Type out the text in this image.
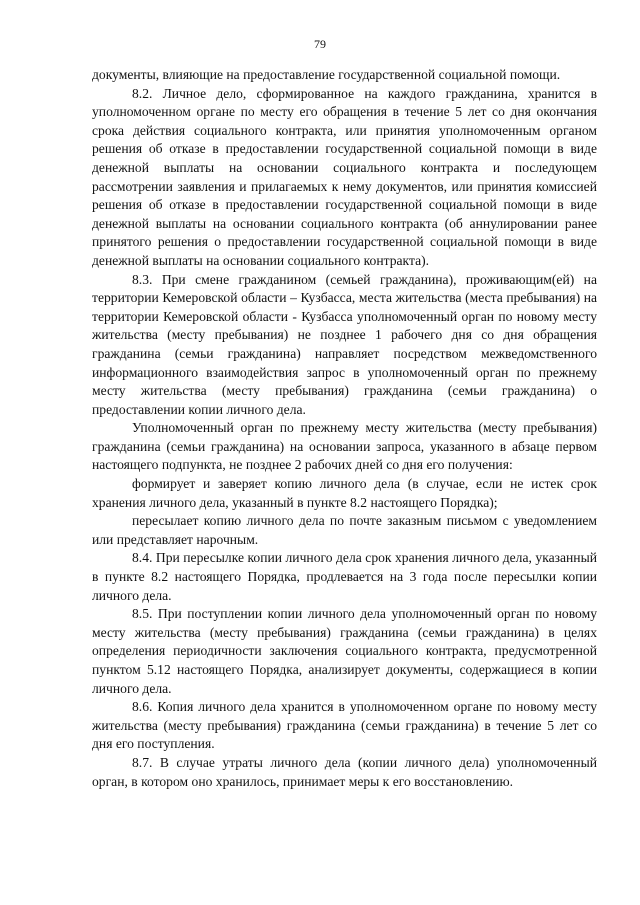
79

документы, влияющие на предоставление государственной социальной помощи.

8.2. Личное дело, сформированное на каждого гражданина, хранится в уполномоченном органе по месту его обращения в течение 5 лет со дня окончания срока действия социального контракта, или принятия уполномоченным органом решения об отказе в предоставлении государственной социальной помощи в виде денежной выплаты на основании социального контракта и последующем рассмотрении заявления и прилагаемых к нему документов, или принятия комиссией решения об отказе в предоставлении государственной социальной помощи в виде денежной выплаты на основании социального контракта (об аннулировании ранее принятого решения о предоставлении государственной социальной помощи в виде денежной выплаты на основании социального контракта).

8.3. При смене гражданином (семьей гражданина), проживающим(ей) на территории Кемеровской области – Кузбасса, места жительства (места пребывания) на территории Кемеровской области - Кузбасса уполномоченный орган по новому месту жительства (месту пребывания) не позднее 1 рабочего дня со дня обращения гражданина (семьи гражданина) направляет посредством межведомственного информационного взаимодействия запрос в уполномоченный орган по прежнему месту жительства (месту пребывания) гражданина (семьи гражданина) о предоставлении копии личного дела.

Уполномоченный орган по прежнему месту жительства (месту пребывания) гражданина (семьи гражданина) на основании запроса, указанного в абзаце первом настоящего подпункта, не позднее 2 рабочих дней со дня его получения:

формирует и заверяет копию личного дела (в случае, если не истек срок хранения личного дела, указанный в пункте 8.2 настоящего Порядка);

пересылает копию личного дела по почте заказным письмом с уведомлением или представляет нарочным.

8.4. При пересылке копии личного дела срок хранения личного дела, указанный в пункте 8.2 настоящего Порядка, продлевается на 3 года после пересылки копии личного дела.

8.5. При поступлении копии личного дела уполномоченный орган по новому месту жительства (месту пребывания) гражданина (семьи гражданина) в целях определения периодичности заключения социального контракта, предусмотренной пунктом 5.12 настоящего Порядка, анализирует документы, содержащиеся в копии личного дела.

8.6. Копия личного дела хранится в уполномоченном органе по новому месту жительства (месту пребывания) гражданина (семьи гражданина) в течение 5 лет со дня его поступления.

8.7. В случае утраты личного дела (копии личного дела) уполномоченный орган, в котором оно хранилось, принимает меры к его восстановлению.
